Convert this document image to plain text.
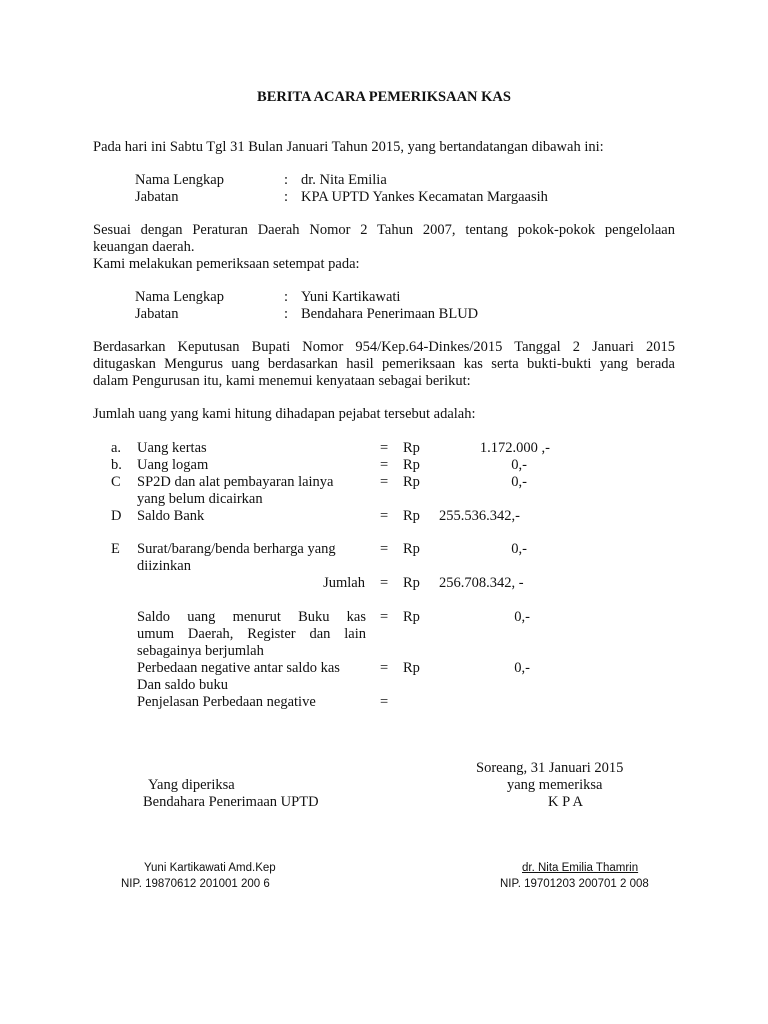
BERITA ACARA PEMERIKSAAN KAS
Pada hari ini Sabtu Tgl 31 Bulan Januari Tahun 2015, yang bertandatangan dibawah ini:
Nama Lengkap	: dr. Nita Emilia
Jabatan	: KPA UPTD Yankes Kecamatan Margaasih
Sesuai dengan Peraturan Daerah Nomor 2 Tahun 2007, tentang pokok-pokok pengelolaan
keuangan daerah.
Kami melakukan pemeriksaan setempat pada:
Nama Lengkap	: Yuni Kartikawati
Jabatan	: Bendahara Penerimaan BLUD
Berdasarkan Keputusan Bupati Nomor 954/Kep.64-Dinkes/2015 Tanggal 2 Januari 2015
ditugaskan Mengurus uang berdasarkan hasil pemeriksaan kas serta bukti-bukti yang berada
dalam Pengurusan itu, kami menemui kenyataan sebagai berikut:
Jumlah uang yang kami hitung dihadapan pejabat tersebut adalah:
a. Uang kertas	= Rp	1.172.000 ,-
b. Uang logam	= Rp	0,-
C SP2D dan alat pembayaran lainya
yang belum dicairkan
= Rp	0,-
D Saldo Bank	= Rp 255.536.342,-
E Surat/barang/benda berharga yang
diizinkan
= Rp	0,-
Jumlah = Rp 256.708.342, -
Saldo uang menurut Buku kas
umum Daerah, Register dan lain
sebagainya berjumlah
= Rp	0,-
Perbedaan negative antar saldo kas
Dan saldo buku
= Rp	0,-
Penjelasan Perbedaan negative	=
Soreang, 31 Januari 2015
Yang diperiksa
Bendahara Penerimaan UPTD
yang memeriksa
K P A
Yuni Kartikawati Amd.Kep
NIP. 19870612 201001 200 6
dr. Nita Emilia Thamrin
NIP. 19701203 200701 2 008
